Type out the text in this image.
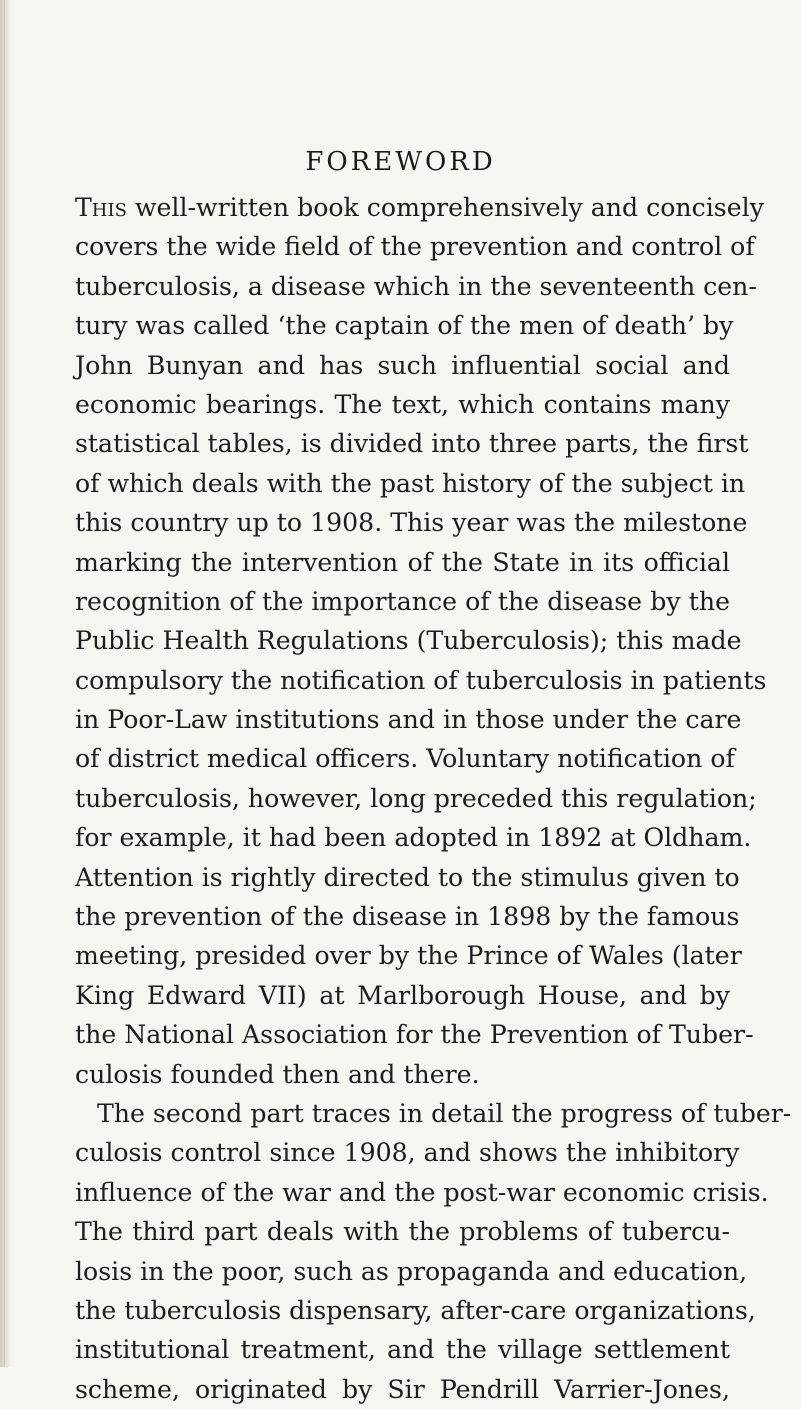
FOREWORD
This well-written book comprehensively and concisely
covers the wide field of the prevention and control of
tuberculosis, a disease which in the seventeenth cen-
tury was called ‘the captain of the men of death’ by
John Bunyan and has such influential social and
economic bearings. The text, which contains many
statistical tables, is divided into three parts, the first
of which deals with the past history of the subject in
this country up to 1908. This year was the milestone
marking the intervention of the State in its official
recognition of the importance of the disease by the
Public Health Regulations (Tuberculosis); this made
compulsory the notification of tuberculosis in patients
in Poor-Law institutions and in those under the care
of district medical officers. Voluntary notification of
tuberculosis, however, long preceded this regulation;
for example, it had been adopted in 1892 at Oldham.
Attention is rightly directed to the stimulus given to
the prevention of the disease in 1898 by the famous
meeting, presided over by the Prince of Wales (later
King Edward VII) at Marlborough House, and by
the National Association for the Prevention of Tuber-
culosis founded then and there.
The second part traces in detail the progress of tuber-
culosis control since 1908, and shows the inhibitory
influence of the war and the post-war economic crisis.
The third part deals with the problems of tubercu-
losis in the poor, such as propaganda and education,
the tuberculosis dispensary, after-care organizations,
institutional treatment, and the village settlement
scheme, originated by Sir Pendrill Varrier-Jones,
